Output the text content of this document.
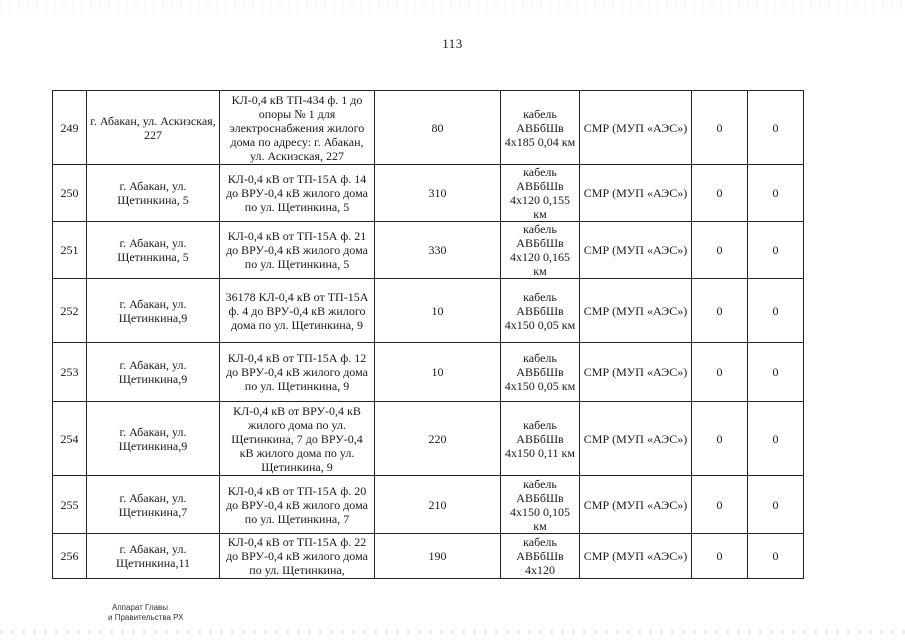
113
249	г. Абакан, ул. Аскизская, 227	КЛ-0,4 кВ ТП-434 ф. 1 до опоры № 1 для электроснабжения жилого дома по адресу: г. Абакан, ул. Аскизская, 227	80	кабель АВБбШв 4х185 0,04 км	СМР (МУП «АЭС»)	0	0
250	г. Абакан, ул. Щетинкина, 5	КЛ-0,4 кВ от ТП-15А ф. 14 до ВРУ-0,4 кВ жилого дома по ул. Щетинкина, 5	310	кабель АВБбШв 4х120 0,155 км	СМР (МУП «АЭС»)	0	0
251	г. Абакан, ул. Щетинкина, 5	КЛ-0,4 кВ от ТП-15А ф. 21 до ВРУ-0,4 кВ жилого дома по ул. Щетинкина, 5	330	кабель АВБбШв 4х120 0,165 км	СМР (МУП «АЭС»)	0	0
252	г. Абакан, ул. Щетинкина,9	36178 КЛ-0,4 кВ от ТП-15А ф. 4 до ВРУ-0,4 кВ жилого дома по ул. Щетинкина, 9	10	кабель АВБбШв 4х150 0,05 км	СМР (МУП «АЭС»)	0	0
253	г. Абакан, ул. Щетинкина,9	КЛ-0,4 кВ от ТП-15А ф. 12 до ВРУ-0,4 кВ жилого дома по ул. Щетинкина, 9	10	кабель АВБбШв 4х150 0,05 км	СМР (МУП «АЭС»)	0	0
254	г. Абакан, ул. Щетинкина,9	КЛ-0,4 кВ от ВРУ-0,4 кВ жилого дома по ул. Щетинкина, 7 до ВРУ-0,4 кВ жилого дома по ул. Щетинкина, 9	220	кабель АВБбШв 4х150 0,11 км	СМР (МУП «АЭС»)	0	0
255	г. Абакан, ул. Щетинкина,7	КЛ-0,4 кВ от ТП-15А ф. 20 до ВРУ-0,4 кВ жилого дома по ул. Щетинкина, 7	210	кабель АВБбШв 4х150 0,105 км	СМР (МУП «АЭС»)	0	0
256	г. Абакан, ул. Щетинкина,11	КЛ-0,4 кВ от ТП-15А ф. 22 до ВРУ-0,4 кВ жилого дома по ул. Щетинкина,	190	кабель АВБбШв 4х120	СМР (МУП «АЭС»)	0	0
Аппарат Главы
и Правительства РХ
